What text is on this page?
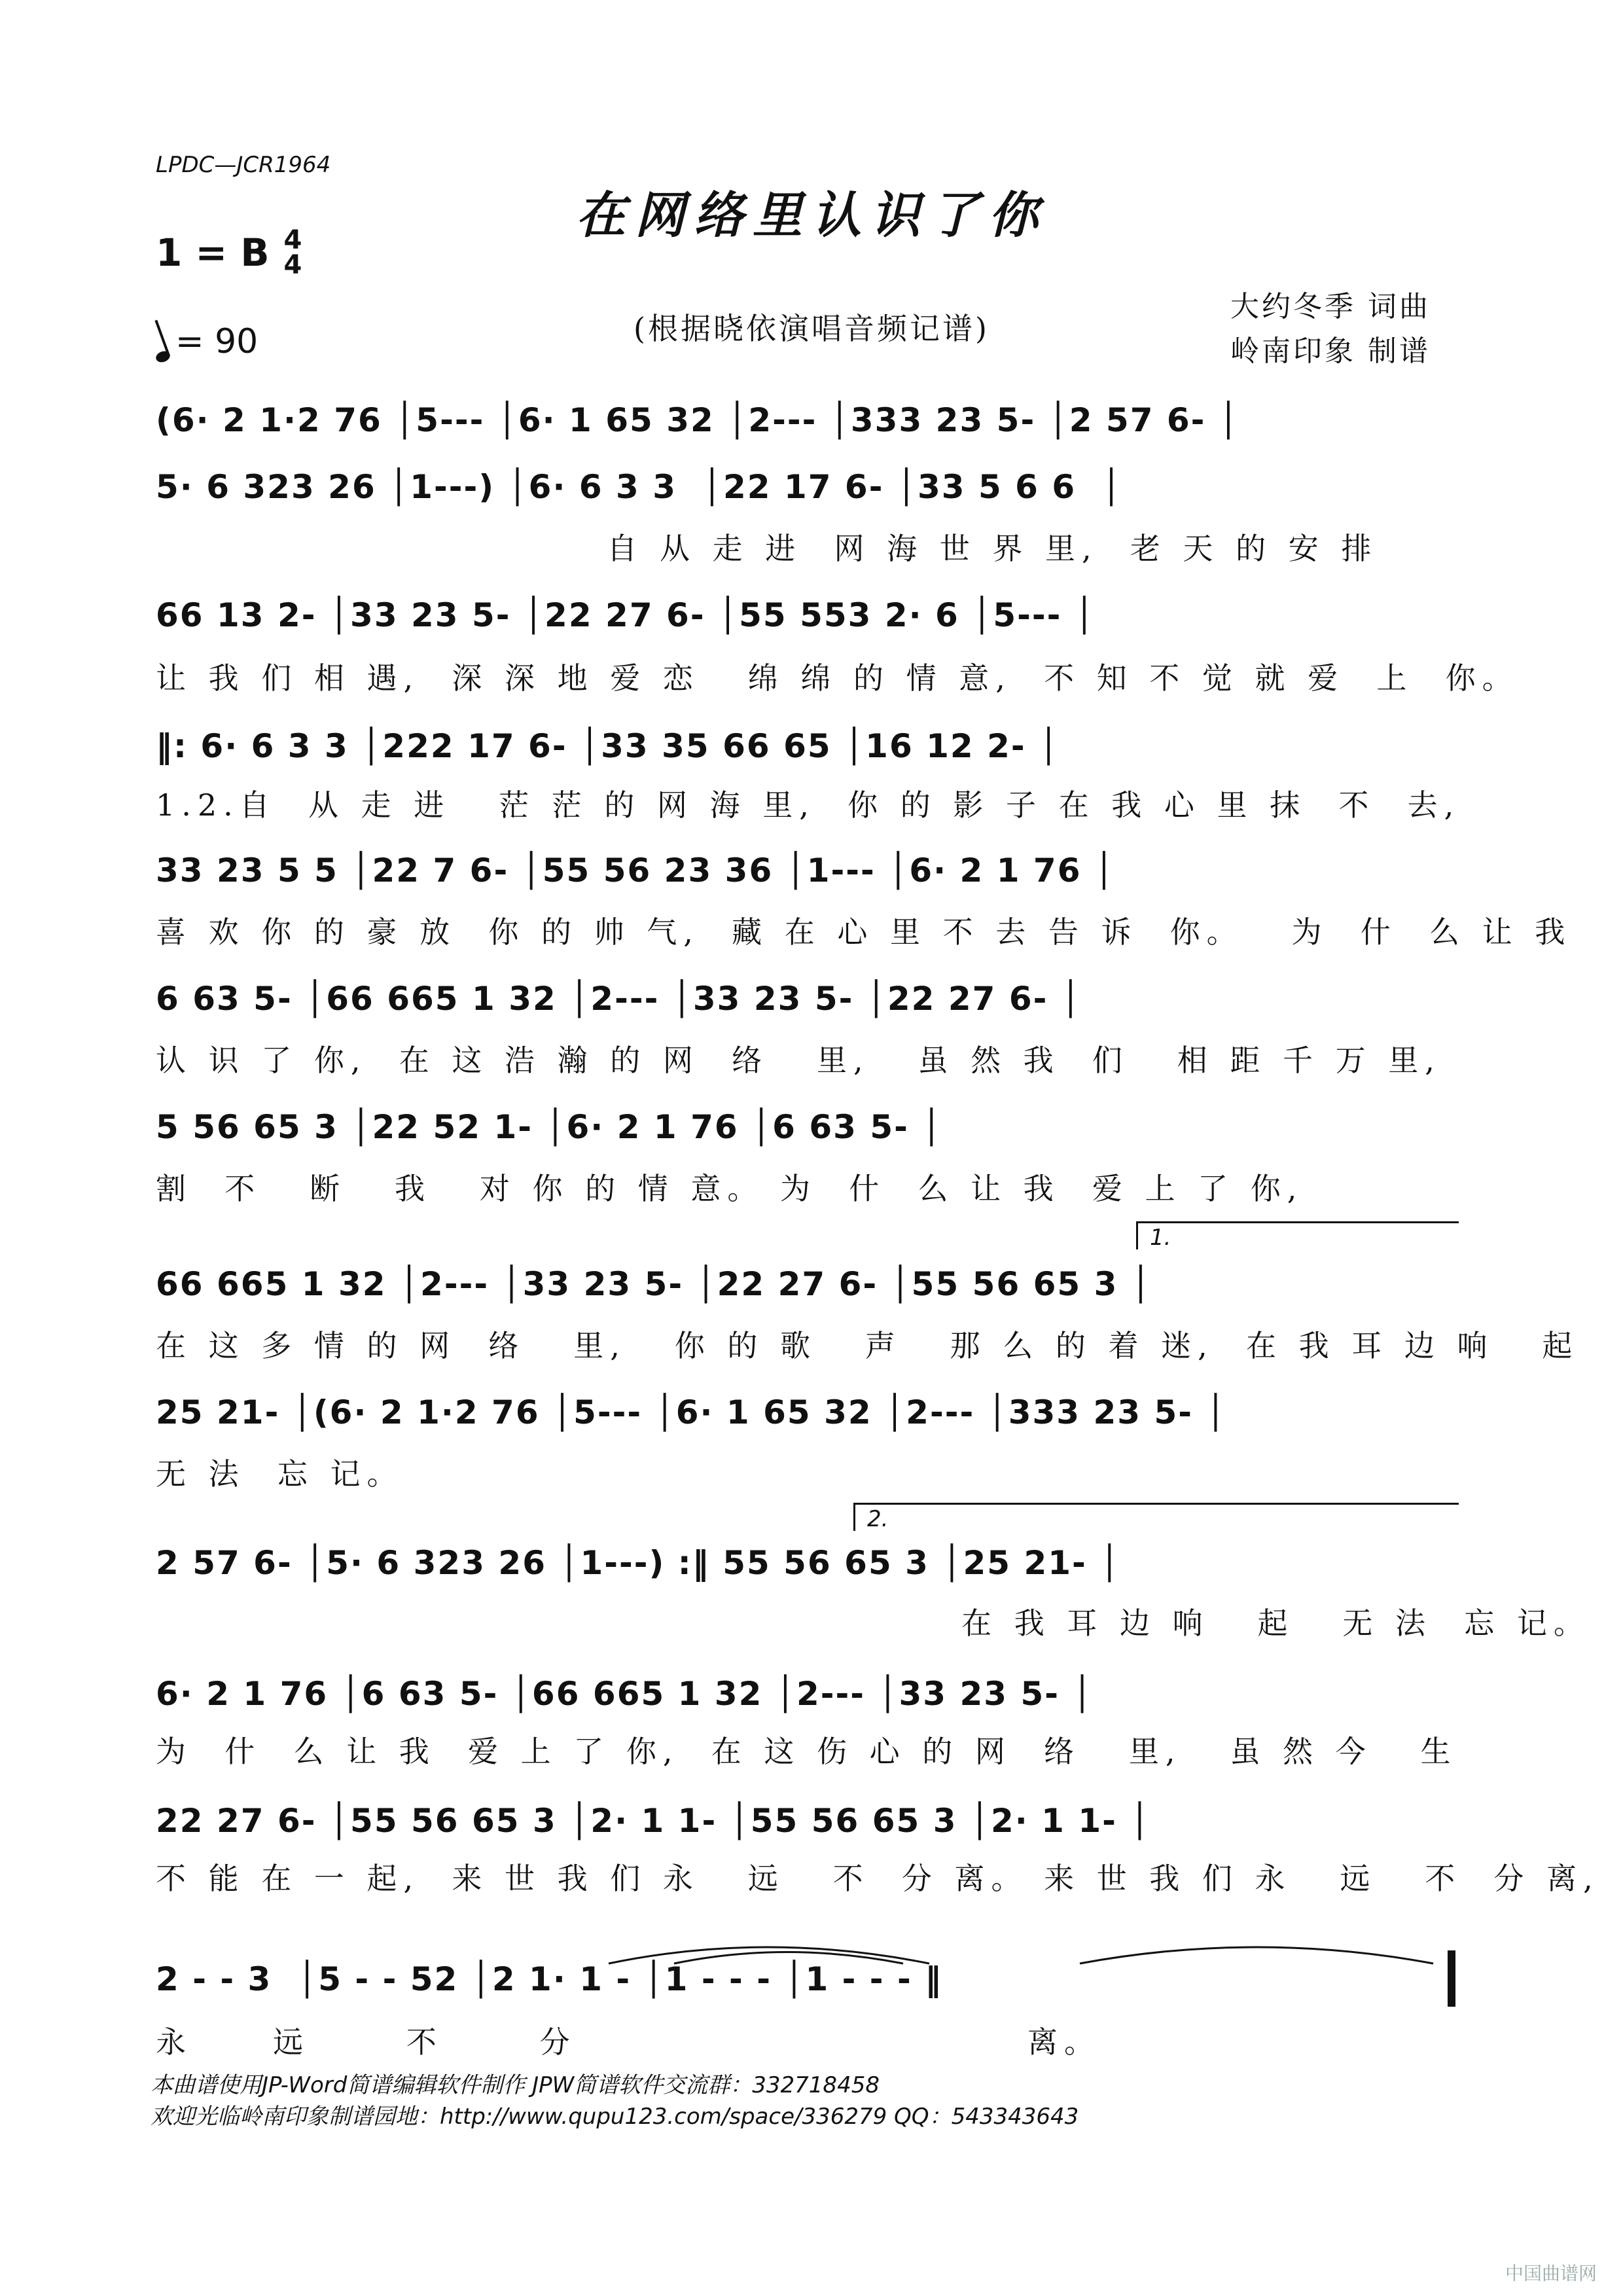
LPDC—JCR1964
在网络里认识了你
1 = B 4
4
= 90	(根据晓依演唱音频记谱)
大约冬季 词曲
岭南印象 制谱
(6· 2 1·2 76 │5--- │6· 1 65 32 │2--- │333 23 5- │2 57 6- │
5· 6 323 26 │1---) │6· 6 3 3  │22 17 6- │33 5 6 6  │
自 从 走 进  网 海 世 界 里,  老 天 的 安 排
66 13 2- │33 23 5- │22 27 6- │55 553 2· 6 │5--- │
让 我 们 相 遇,  深 深 地 爱 恋   绵 绵 的 情 意,  不 知 不 觉 就 爱  上  你。
‖: 6· 6 3 3 │222 17 6- │33 35 66 65 │16 12 2- │
1.2.自  从 走 进   茫 茫 的 网 海 里,  你 的 影 子 在 我 心 里 抹  不  去,
33 23 5 5 │22 7 6- │55 56 23 36 │1--- │6· 2 1 76 │
喜 欢 你 的 豪 放  你 的 帅 气,  藏 在 心 里 不 去 告 诉  你。   为  什  么 让 我
6 63 5- │66 665 1 32 │2--- │33 23 5- │22 27 6- │
认 识 了 你,  在 这 浩 瀚 的 网  络   里,   虽 然 我  们   相 距 千 万 里,
5 56 65 3 │22 52 1- │6· 2 1 76 │6 63 5- │
割  不   断   我   对 你 的 情 意。 为  什  么 让 我  爱 上 了 你,
1.
66 665 1 32 │2--- │33 23 5- │22 27 6- │55 56 65 3 │
在 这 多 情 的 网  络   里,   你 的 歌   声   那 么 的 着 迷,  在 我 耳 边 响   起
25 21- │(6· 2 1·2 76 │5--- │6· 1 65 32 │2--- │333 23 5- │
无 法  忘 记。
2.
2 57 6- │5· 6 323 26 │1---) :‖ 55 56 65 3 │25 21- │
在 我 耳 边 响   起   无 法  忘 记。
6· 2 1 76 │6 63 5- │66 665 1 32 │2--- │33 23 5- │
为  什  么 让 我  爱 上 了 你,  在 这 伤 心 的 网  络   里,   虽 然 今   生
22 27 6- │55 56 65 3 │2· 1 1- │55 56 65 3 │2· 1 1- │
不 能 在 一 起,  来 世 我 们 永   远   不  分 离。 来 世 我 们 永   远   不  分 离,
2 - - 3  │5 - - 52 │2 1· 1 - │1 - - - │1 - - - ‖
永     远      不      分                            离。
本曲谱使用JP-Word简谱编辑软件制作 JPW简谱软件交流群：332718458
欢迎光临岭南印象制谱园地：http://www.qupu123.com/space/336279 QQ：543343643
中国曲谱网
